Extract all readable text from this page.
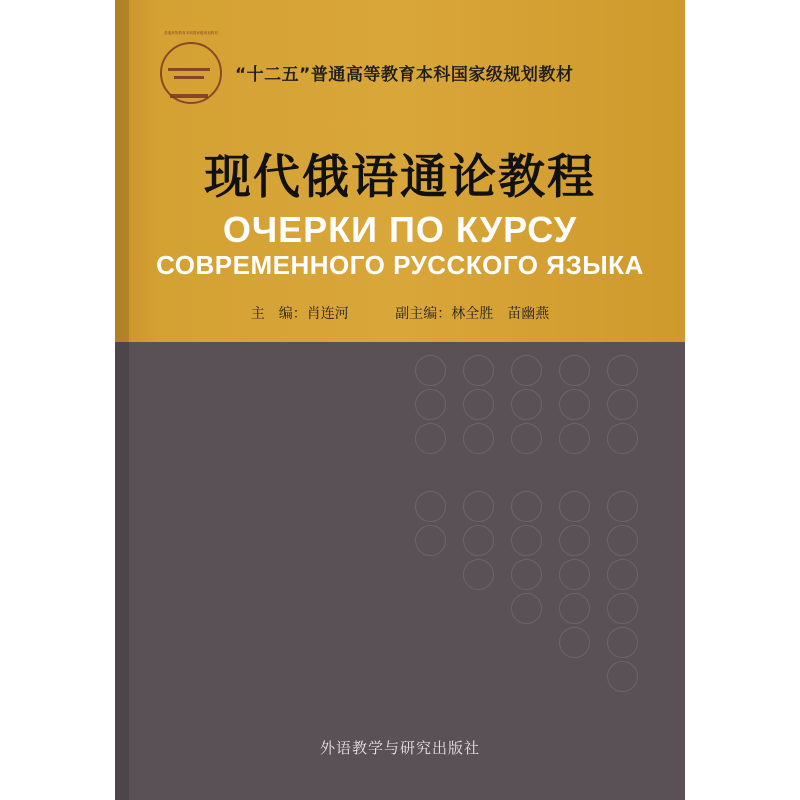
普通高等教育本科国家级规划教材
“十二五”普通高等教育本科国家级规划教材
现代俄语通论教程
ОЧЕРКИ ПО КУРСУ
СОВРЕМЕННОГО РУССКОГО ЯЗЫКА
主　编：肖连河	副主编：林全胜　苗幽燕
外语教学与研究出版社
